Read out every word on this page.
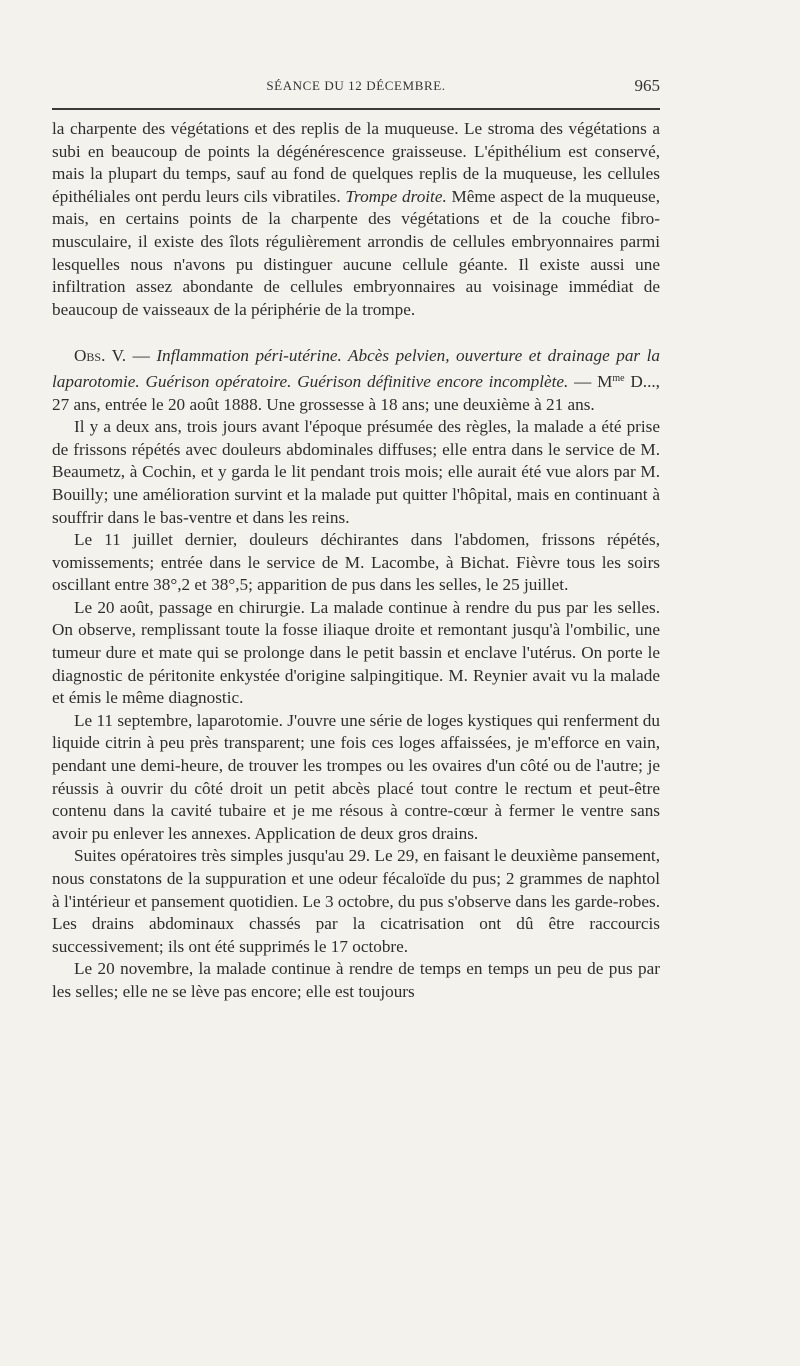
SÉANCE DU 12 DÉCEMBRE.	965

la charpente des végétations et des replis de la muqueuse. Le stroma des végétations a subi en beaucoup de points la dégénérescence graisseuse. L'épithélium est conservé, mais la plupart du temps, sauf au fond de quelques replis de la muqueuse, les cellules épithéliales ont perdu leurs cils vibratiles. Trompe droite. Même aspect de la muqueuse, mais, en certains points de la charpente des végétations et de la couche fibro-musculaire, il existe des îlots régulièrement arrondis de cellules embryonnaires parmi lesquelles nous n'avons pu distinguer aucune cellule géante. Il existe aussi une infiltration assez abondante de cellules embryonnaires au voisinage immédiat de beaucoup de vaisseaux de la périphérie de la trompe.

Obs. V. — Inflammation péri-utérine. Abcès pelvien, ouverture et drainage par la laparotomie. Guérison opératoire. Guérison définitive encore incomplète. — $M^{me}$ D..., 27 ans, entrée le 20 août 1888. Une grossesse à 18 ans; une deuxième à 21 ans.

Il y a deux ans, trois jours avant l'époque présumée des règles, la malade a été prise de frissons répétés avec douleurs abdominales diffuses; elle entra dans le service de M. Beaumetz, à Cochin, et y garda le lit pendant trois mois; elle aurait été vue alors par M. Bouilly; une amélioration survint et la malade put quitter l'hôpital, mais en continuant à souffrir dans le bas-ventre et dans les reins.

Le 11 juillet dernier, douleurs déchirantes dans l'abdomen, frissons répétés, vomissements; entrée dans le service de M. Lacombe, à Bichat. Fièvre tous les soirs oscillant entre 38°,2 et 38°,5; apparition de pus dans les selles, le 25 juillet.

Le 20 août, passage en chirurgie. La malade continue à rendre du pus par les selles. On observe, remplissant toute la fosse iliaque droite et remontant jusqu'à l'ombilic, une tumeur dure et mate qui se prolonge dans le petit bassin et enclave l'utérus. On porte le diagnostic de péritonite enkystée d'origine salpingitique. M. Reynier avait vu la malade et émis le même diagnostic.

Le 11 septembre, laparotomie. J'ouvre une série de loges kystiques qui renferment du liquide citrin à peu près transparent; une fois ces loges affaissées, je m'efforce en vain, pendant une demi-heure, de trouver les trompes ou les ovaires d'un côté ou de l'autre; je réussis à ouvrir du côté droit un petit abcès placé tout contre le rectum et peut-être contenu dans la cavité tubaire et je me résous à contre-cœur à fermer le ventre sans avoir pu enlever les annexes. Application de deux gros drains.

Suites opératoires très simples jusqu'au 29. Le 29, en faisant le deuxième pansement, nous constatons de la suppuration et une odeur fécaloïde du pus; 2 grammes de naphtol à l'intérieur et pansement quotidien. Le 3 octobre, du pus s'observe dans les garde-robes. Les drains abdominaux chassés par la cicatrisation ont dû être raccourcis successivement; ils ont été supprimés le 17 octobre.

Le 20 novembre, la malade continue à rendre de temps en temps un peu de pus par les selles; elle ne se lève pas encore; elle est toujours
